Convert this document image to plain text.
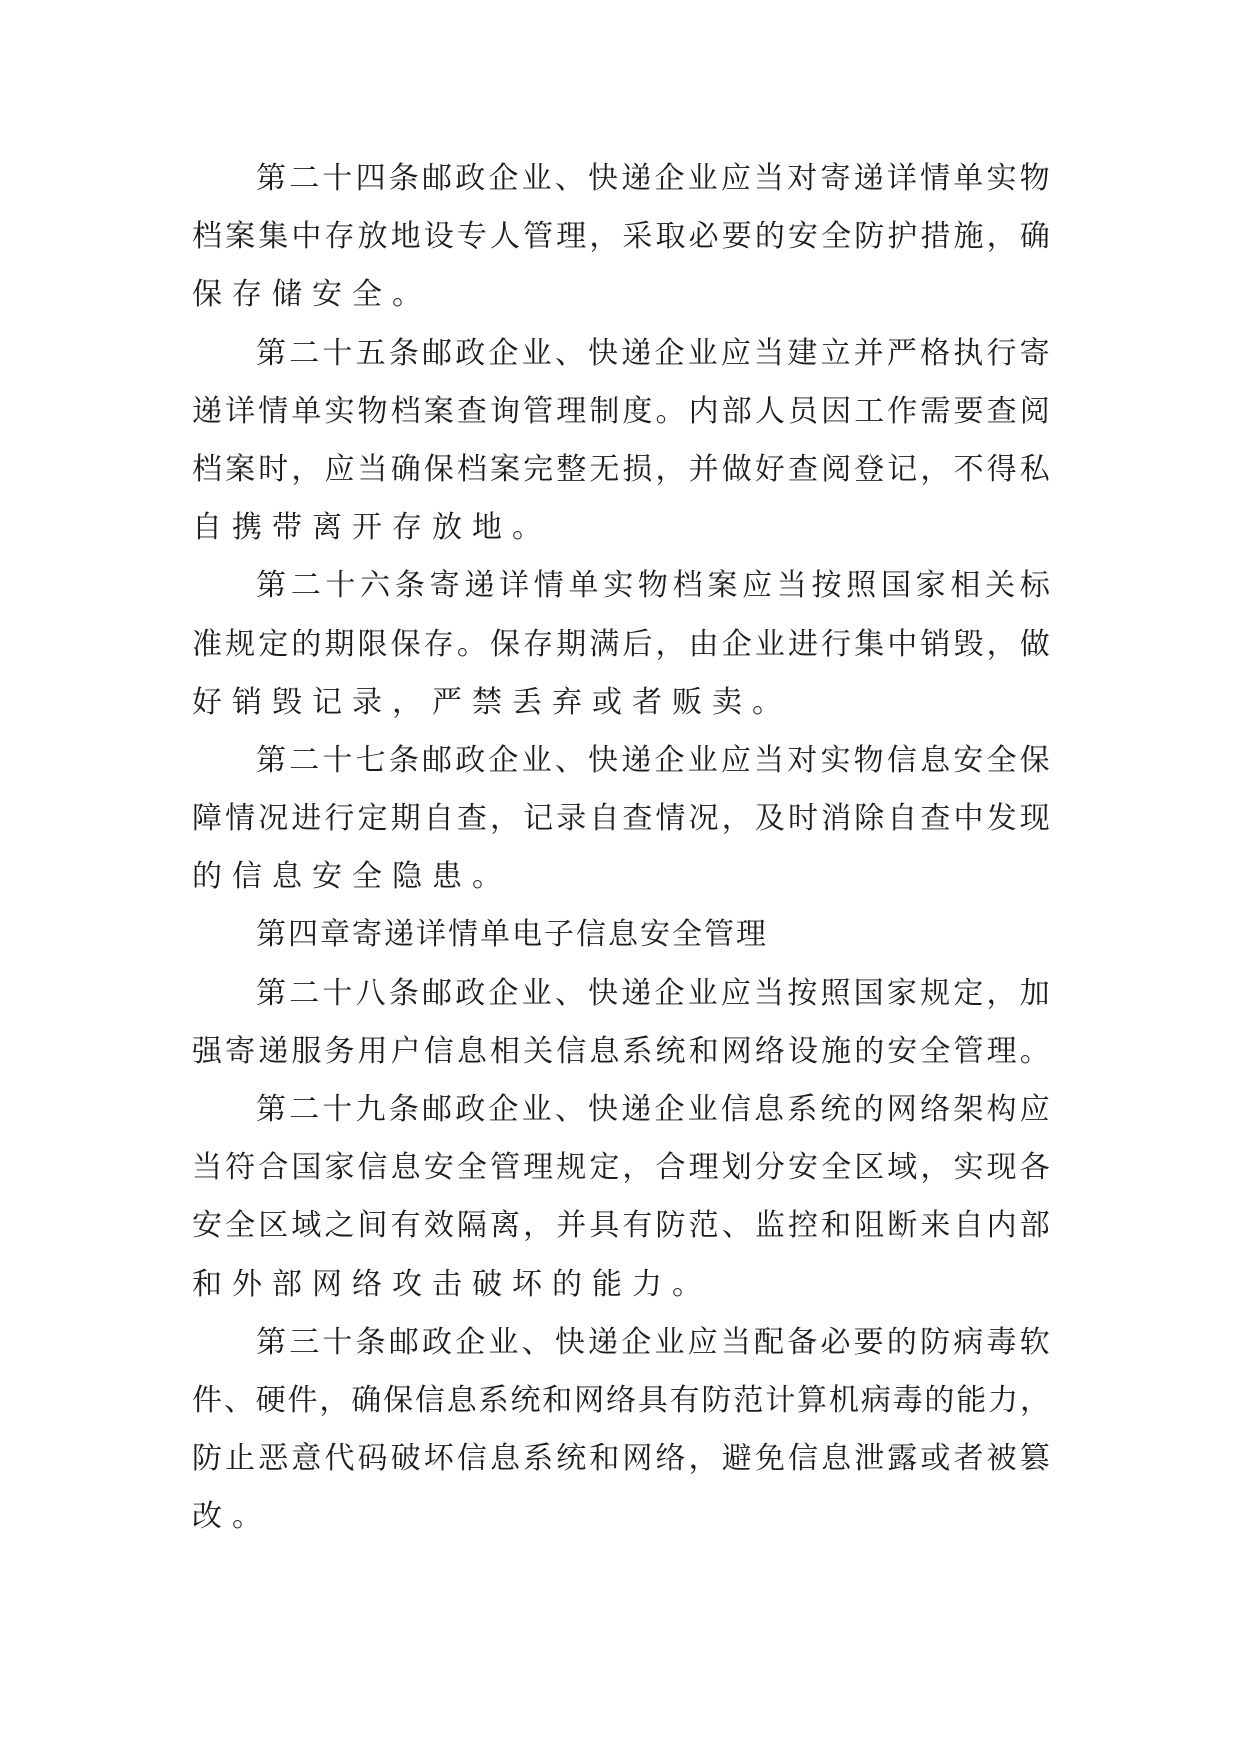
第 二 十 四 条 邮 政 企 业 、 快 递 企 业 应 当 对 寄 递 详 情 单 实 物
档 案 集 中 存 放 地 设 专 人 管 理 ， 采 取 必 要 的 安 全 防 护 措 施 ， 确
保存储安全。
第 二 十 五 条 邮 政 企 业 、 快 递 企 业 应 当 建 立 并 严 格 执 行 寄
递 详 情 单 实 物 档 案 查 询 管 理 制 度 。 内 部 人 员 因 工 作 需 要 查 阅
档 案 时 ， 应 当 确 保 档 案 完 整 无 损 ， 并 做 好 查 阅 登 记 ， 不 得 私
自携带离开存放地。
第 二 十 六 条 寄 递 详 情 单 实 物 档 案 应 当 按 照 国 家 相 关 标
准 规 定 的 期 限 保 存 。 保 存 期 满 后 ， 由 企 业 进 行 集 中 销 毁 ， 做
好销毁记录，严禁丢弃或者贩卖。
第 二 十 七 条 邮 政 企 业 、 快 递 企 业 应 当 对 实 物 信 息 安 全 保
障 情 况 进 行 定 期 自 查 ， 记 录 自 查 情 况 ， 及 时 消 除 自 查 中 发 现
的信息安全隐患。
第四章寄递详情单电子信息安全管理
第 二 十 八 条 邮 政 企 业 、 快 递 企 业 应 当 按 照 国 家 规 定 ， 加
强 寄 递 服 务 用 户 信 息 相 关 信 息 系 统 和 网 络 设 施 的 安 全 管 理 。
第 二 十 九 条 邮 政 企 业 、 快 递 企 业 信 息 系 统 的 网 络 架 构 应
当 符 合 国 家 信 息 安 全 管 理 规 定 ， 合 理 划 分 安 全 区 域 ， 实 现 各
安 全 区 域 之 间 有 效 隔 离 ， 并 具 有 防 范 、 监 控 和 阻 断 来 自 内 部
和外部网络攻击破坏的能力。
第 三 十 条 邮 政 企 业 、 快 递 企 业 应 当 配 备 必 要 的 防 病 毒 软
件 、 硬 件 ， 确 保 信 息 系 统 和 网 络 具 有 防 范 计 算 机 病 毒 的 能 力 ，
防 止 恶 意 代 码 破 坏 信 息 系 统 和 网 络 ， 避 免 信 息 泄 露 或 者 被 篡
改。
